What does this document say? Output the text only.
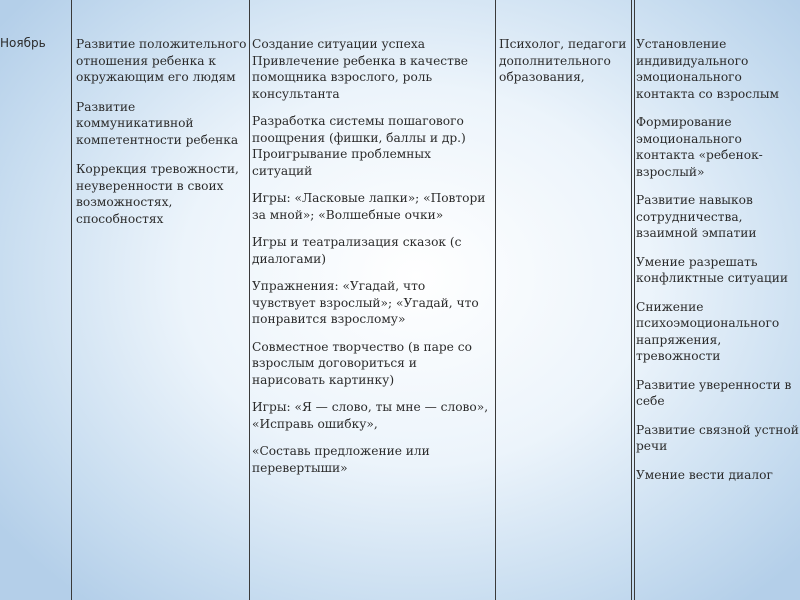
Ноябрь Развитие положительного отношения ребенка к окружающим его людям

Развитие коммуникативной компетентности ребенка

Коррекция тревожности, неуверенности в своих возможностях, способностях

Создание ситуации успеха Привлечение ребенка в качестве помощника взрослого, роль консультанта

Разработка системы пошагового поощрения (фишки, баллы и др.) Проигрывание проблемных ситуаций

Игры: «Ласковые лапки»; «Повтори за мной»; «Волшебные очки»

Игры и театрализация сказок (с диалогами)

Упражнения: «Угадай, что чувствует взрослый»; «Угадай, что понравится взрослому»

Совместное творчество (в паре со взрослым договориться и нарисовать картинку)

Игры: «Я — слово, ты мне — слово», «Исправь ошибку»,

«Составь предложение или перевертыши»

Психолог, педагоги дополнительного образования,

Установление индивидуального эмоционального контакта со взрослым

Формирование эмоционального контакта «ребенок-взрослый»

Развитие навыков сотрудничества, взаимной эмпатии

Умение разрешать конфликтные ситуации

Снижение психоэмоционального напряжения, тревожности

Развитие уверенности в себе

Развитие связной устной речи

Умение вести диалог
